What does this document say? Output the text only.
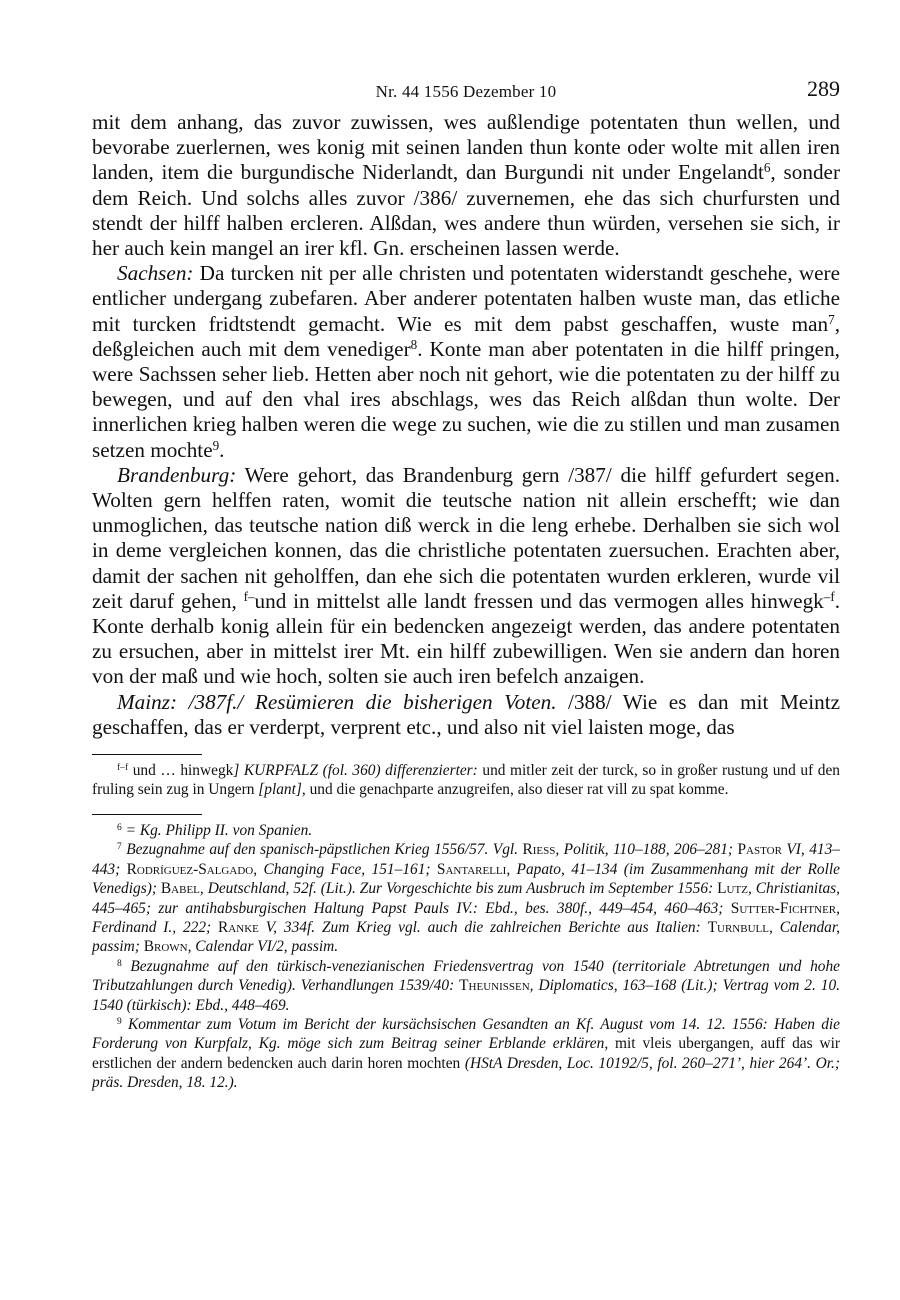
Nr. 44 1556 Dezember 10	289

mit dem anhang, das zuvor zuwissen, wes außlendige potentaten thun wellen, und bevorabe zuerlernen, wes konig mit seinen landen thun konte oder wolte mit allen iren landen, item die burgundische Niderlandt, dan Burgundi nit under Engelandt$^6$, sonder dem Reich. Und solchs alles zuvor /386/ zuvernemen, ehe das sich churfursten und stendt der hilff halben ercleren. Alßdan, wes andere thun würden, versehen sie sich, ir her auch kein mangel an irer kfl. Gn. erscheinen lassen werde.

Sachsen: Da turcken nit per alle christen und potentaten widerstandt geschehe, were entlicher undergang zubefaren. Aber anderer potentaten halben wuste man, das etliche mit turcken fridtstendt gemacht. Wie es mit dem pabst geschaffen, wuste man$^7$, deßgleichen auch mit dem venediger$^8$. Konte man aber potentaten in die hilff pringen, were Sachssen seher lieb. Hetten aber noch nit gehort, wie die potentaten zu der hilff zu bewegen, und auf den vhal ires abschlags, wes das Reich alßdan thun wolte. Der innerlichen krieg halben weren die wege zu suchen, wie die zu stillen und man zusamen setzen mochte$^9$.

Brandenburg: Were gehort, das Brandenburg gern /387/ die hilff gefurdert segen. Wolten gern helffen raten, womit die teutsche nation nit allein erschefft; wie dan unmoglichen, das teutsche nation diß werck in die leng erhebe. Derhalben sie sich wol in deme vergleichen konnen, das die christliche potentaten zuersuchen. Erachten aber, damit der sachen nit geholffen, dan ehe sich die potentaten wurden erkleren, wurde vil zeit daruf gehen, $^{f-}$und in mittelst alle landt fressen und das vermogen alles hinwegk$^{-f}$. Konte derhalb konig allein für ein bedencken angezeigt werden, das andere potentaten zu ersuchen, aber in mittelst irer Mt. ein hilff zubewilligen. Wen sie andern dan horen von der maß und wie hoch, solten sie auch iren befelch anzaigen.

Mainz: /387f./ Resümieren die bisherigen Voten. /388/ Wie es dan mit Meintz geschaffen, das er verderpt, verprent etc., und also nit viel laisten moge, das

$^{f-f}$ und … hinwegk] KURPFALZ (fol. 360) differenzierter: und mitler zeit der turck, so in großer rustung und uf den fruling sein zug in Ungern [plant], und die genachparte anzugreifen, also dieser rat vill zu spat komme.

$^6$ = Kg. Philipp II. von Spanien.

$^7$ Bezugnahme auf den spanisch-päpstlichen Krieg 1556/57. Vgl. Riess, Politik, 110–188, 206–281; Pastor VI, 413–443; Rodríguez-Salgado, Changing Face, 151–161; Santarelli, Papato, 41–134 (im Zusammenhang mit der Rolle Venedigs); Babel, Deutschland, 52f. (Lit.). Zur Vorgeschichte bis zum Ausbruch im September 1556: Lutz, Christianitas, 445–465; zur antihabsburgischen Haltung Papst Pauls IV.: Ebd., bes. 380f., 449–454, 460–463; Sutter-Fichtner, Ferdinand I., 222; Ranke V, 334f. Zum Krieg vgl. auch die zahlreichen Berichte aus Italien: Turnbull, Calendar, passim; Brown, Calendar VI/2, passim.

$^8$ Bezugnahme auf den türkisch-venezianischen Friedensvertrag von 1540 (territoriale Abtretungen und hohe Tributzahlungen durch Venedig). Verhandlungen 1539/40: Theunissen, Diplomatics, 163–168 (Lit.); Vertrag vom 2. 10. 1540 (türkisch): Ebd., 448–469.

$^9$ Kommentar zum Votum im Bericht der kursächsischen Gesandten an Kf. August vom 14. 12. 1556: Haben die Forderung von Kurpfalz, Kg. möge sich zum Beitrag seiner Erblande erklären, mit vleis ubergangen, auff das wir erstlichen der andern bedencken auch darin horen mochten (HStA Dresden, Loc. 10192/5, fol. 260–271’, hier 264’. Or.; präs. Dresden, 18. 12.).
